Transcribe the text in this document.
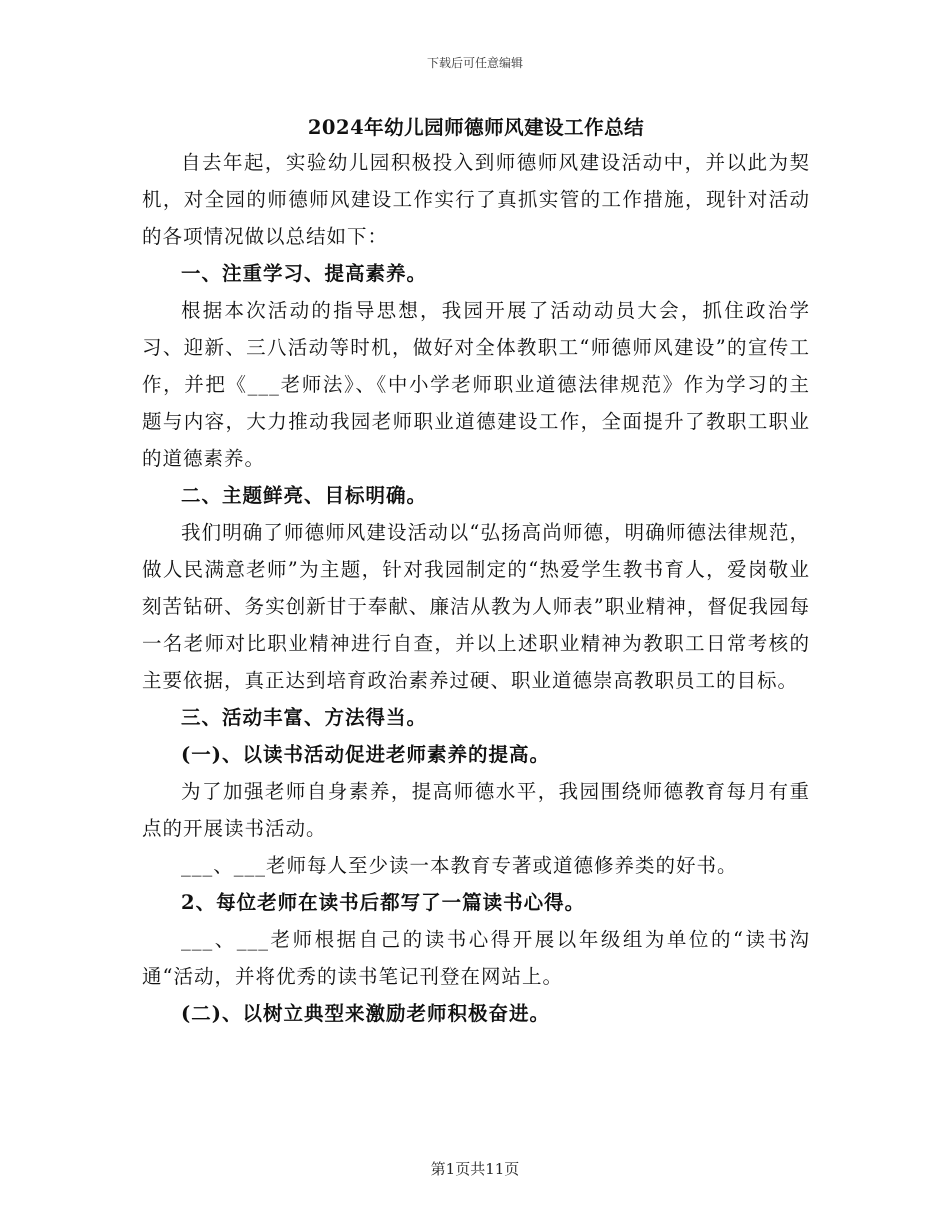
下载后可任意编辑
2024年幼儿园师德师风建设工作总结

自去年起，实验幼儿园积极投入到师德师风建设活动中，并以此为契机，对全园的师德师风建设工作实行了真抓实管的工作措施，现针对活动的各项情况做以总结如下：

一、注重学习、提高素养。

根据本次活动的指导思想，我园开展了活动动员大会，抓住政治学习、迎新、三八活动等时机，做好对全体教职工“师德师风建设”的宣传工作，并把《___老师法》、《中小学老师职业道德法律规范》作为学习的主题与内容，大力推动我园老师职业道德建设工作，全面提升了教职工职业的道德素养。

二、主题鲜亮、目标明确。

我们明确了师德师风建设活动以“弘扬高尚师德，明确师德法律规范，做人民满意老师”为主题，针对我园制定的“热爱学生教书育人，爱岗敬业刻苦钻研、务实创新甘于奉献、廉洁从教为人师表”职业精神，督促我园每一名老师对比职业精神进行自查，并以上述职业精神为教职工日常考核的主要依据，真正达到培育政治素养过硬、职业道德崇高教职员工的目标。

三、活动丰富、方法得当。

(一)、以读书活动促进老师素养的提高。

为了加强老师自身素养，提高师德水平，我园围绕师德教育每月有重点的开展读书活动。

___、___老师每人至少读一本教育专著或道德修养类的好书。

2、每位老师在读书后都写了一篇读书心得。

___、___老师根据自己的读书心得开展以年级组为单位的“读书沟通“活动，并将优秀的读书笔记刊登在网站上。

(二)、以树立典型来激励老师积极奋进。

第1页共11页
